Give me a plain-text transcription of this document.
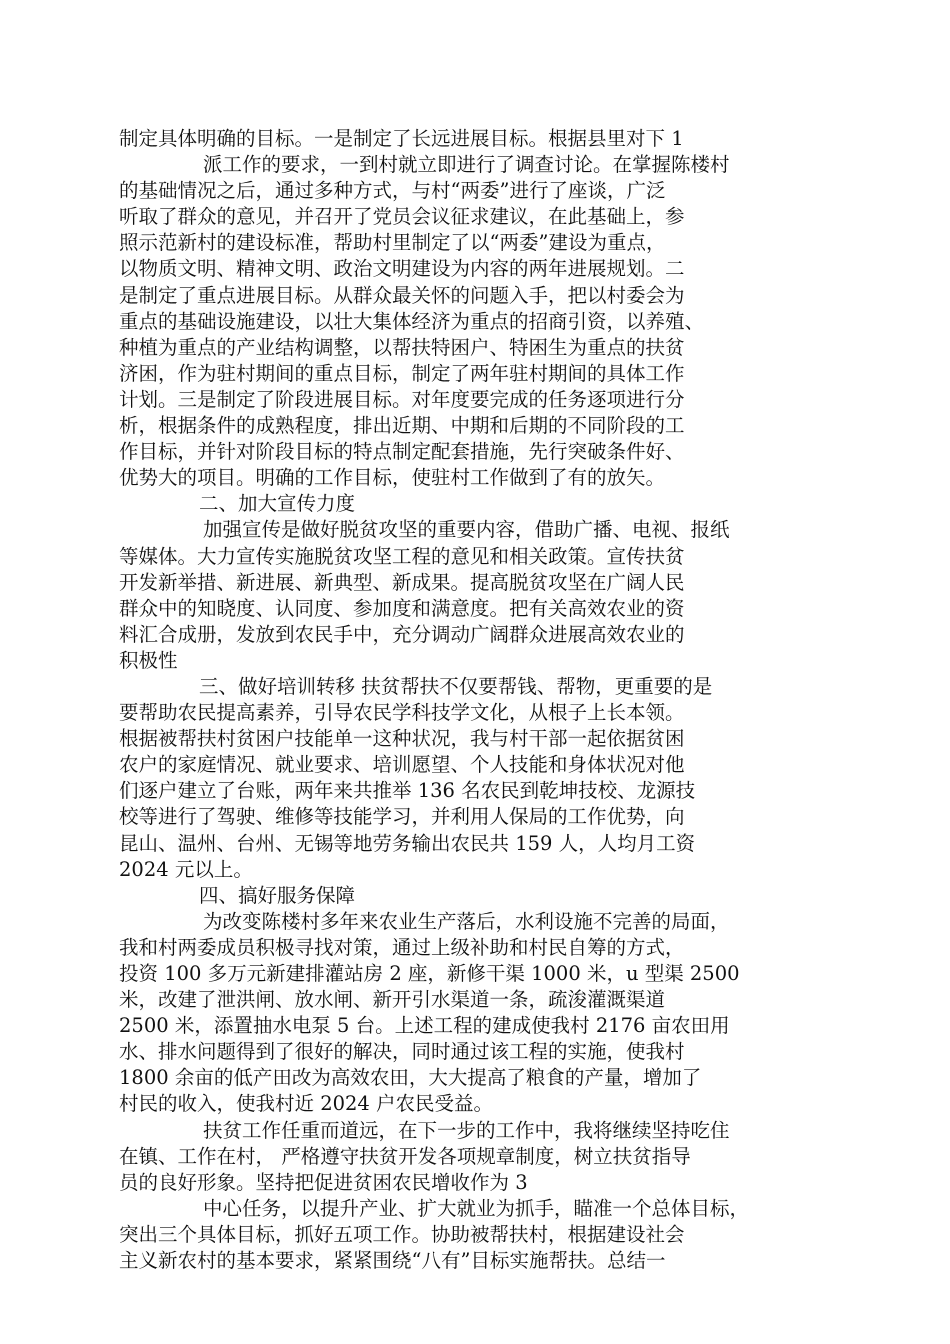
制定具体明确的目标。一是制定了长远进展目标。根据县里对下 1
派工作的要求，一到村就立即进行了调查讨论。在掌握陈楼村
的基础情况之后，通过多种方式，与村“两委”进行了座谈，广泛
听取了群众的意见，并召开了党员会议征求建议，在此基础上，参
照示范新村的建设标准，帮助村里制定了以“两委”建设为重点，
以物质文明、精神文明、政治文明建设为内容的两年进展规划。二
是制定了重点进展目标。从群众最关怀的问题入手，把以村委会为
重点的基础设施建设，以壮大集体经济为重点的招商引资，以养殖、
种植为重点的产业结构调整，以帮扶特困户、特困生为重点的扶贫
济困，作为驻村期间的重点目标，制定了两年驻村期间的具体工作
计划。三是制定了阶段进展目标。对年度要完成的任务逐项进行分
析，根据条件的成熟程度，排出近期、中期和后期的不同阶段的工
作目标，并针对阶段目标的特点制定配套措施，先行突破条件好、
优势大的项目。明确的工作目标，使驻村工作做到了有的放矢。
二、加大宣传力度
加强宣传是做好脱贫攻坚的重要内容，借助广播、电视、报纸
等媒体。大力宣传实施脱贫攻坚工程的意见和相关政策。宣传扶贫
开发新举措、新进展、新典型、新成果。提高脱贫攻坚在广阔人民
群众中的知晓度、认同度、参加度和满意度。把有关高效农业的资
料汇合成册，发放到农民手中，充分调动广阔群众进展高效农业的
积极性
三、做好培训转移 扶贫帮扶不仅要帮钱、帮物，更重要的是
要帮助农民提高素养，引导农民学科技学文化，从根子上长本领。
根据被帮扶村贫困户技能单一这种状况，我与村干部一起依据贫困
农户的家庭情况、就业要求、培训愿望、个人技能和身体状况对他
们逐户建立了台账，两年来共推举 136 名农民到乾坤技校、龙源技
校等进行了驾驶、维修等技能学习，并利用人保局的工作优势，向
昆山、温州、台州、无锡等地劳务输出农民共 159 人，人均月工资
2024 元以上。
四、搞好服务保障
为改变陈楼村多年来农业生产落后，水利设施不完善的局面，
我和村两委成员积极寻找对策，通过上级补助和村民自筹的方式，
投资 100 多万元新建排灌站房 2 座，新修干渠 1000 米，u 型渠 2500
米，改建了泄洪闸、放水闸、新开引水渠道一条，疏浚灌溉渠道
2500 米，添置抽水电泵 5 台。上述工程的建成使我村 2176 亩农田用
水、排水问题得到了很好的解决，同时通过该工程的实施，使我村
1800 余亩的低产田改为高效农田，大大提高了粮食的产量，增加了
村民的收入，使我村近 2024 户农民受益。
扶贫工作任重而道远，在下一步的工作中，我将继续坚持吃住
在镇、工作在村， 严格遵守扶贫开发各项规章制度，树立扶贫指导
员的良好形象。坚持把促进贫困农民增收作为 3
中心任务，以提升产业、扩大就业为抓手，瞄准一个总体目标，
突出三个具体目标，抓好五项工作。协助被帮扶村，根据建设社会
主义新农村的基本要求，紧紧围绕“八有”目标实施帮扶。总结一
